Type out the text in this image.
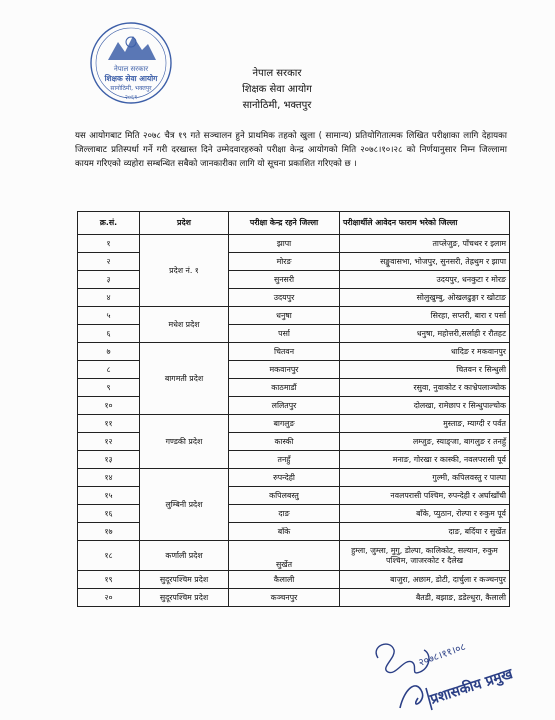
नेपाल सरकार
शिक्षक सेवा आयोग
सानोठिमी, भक्तपुर
२०६१
नेपाल सरकार
शिक्षक सेवा आयोग
सानोठिमी, भक्तपुर
यस आयोगबाट मिति २०७८ चैत्र १९ गते सञ्चालन हुने प्राथमिक तहको खुला ( सामान्य) प्रतियोगितात्मक लिखित परीक्षाका लागि देहायका जिल्लाबाट प्रतिस्पर्धा गर्ने गरी दरखास्त दिने उम्मेदवारहरुको परीक्षा केन्द्र आयोगको मिति २०७८।१०।२८ को निर्णयानुसार निम्न जिल्लामा कायम गरिएको व्यहोरा सम्बन्धित सबैको जानकारीका लागि यो सूचना प्रकाशित गरिएको छ ।
क्र.सं.	प्रदेश	परीक्षा केन्द्र रहने जिल्ला	परीक्षार्थीले आवेदन फाराम भरेको जिल्ला
१	प्रदेश नं. १	झापा	ताप्लेजुङ, पाँचथर र इलाम
२		मोरङ	सङ्खुवासभा, भोजपुर, सुनसरी, तेह्रथुम र झापा
३		सुनसरी	उदयपुर, धनकुटा र मोरङ
४		उदयपुर	सोलुखुम्बु, ओखलढुङ्गा र खोटाङ
५	मधेश प्रदेश	धनुषा	सिरहा, सप्तरी, बारा र पर्सा
६		पर्सा	धनुषा, महोत्तरी,सर्लाही र रौतहट
७	बागमती प्रदेश	चितवन	धादिङ र मकवानपुर
८		मकवानपुर	चितवन र सिन्धुली
९		काठमाडौं	रसुवा, नुवाकोट र काभ्रेपलाञ्चोक
१०		ललितपुर	दोलखा, रामेछाप र सिन्धुपाल्चोक
११	गण्डकी प्रदेश	बागलुङ	मुस्ताङ, म्याग्दी र पर्वत
१२		कास्की	लम्जुङ, स्याङ्जा, बागलुङ र तनहुँ
१३		तनहुँ	मनाङ, गोरखा र कास्की, नवलपरासी पूर्व
१४	लुम्बिनी प्रदेश	रुपन्देही	गुल्मी, कपिलवस्तु र पाल्पा
१५		कपिलबस्तु	नवलपरासी पश्चिम, रुपन्देही र अर्घाखाँची
१६		दाङ	बाँके, प्युठान, रोल्पा र रुकुम पूर्व
१७		बाँके	दाङ, बर्दिया र सुर्खेत
१८	कर्णाली प्रदेश	सुर्खेत	हुम्ला, जुम्ला, मुगु, डोल्पा, कालिकोट, सल्यान, रुकुम पश्चिम, जाजरकोट र दैलेख
१९	सुदूरपश्चिम प्रदेश	कैलाली	बाजुरा, अछाम, डोटी, दार्चुला र कञ्चनपुर
२०	सुदूरपश्चिम प्रदेश	कञ्चनपुर	बैतडी, बझाङ, डडेल्धुरा, कैलाली
२०७८।११।०८
प्रशासकीय प्रमुख
